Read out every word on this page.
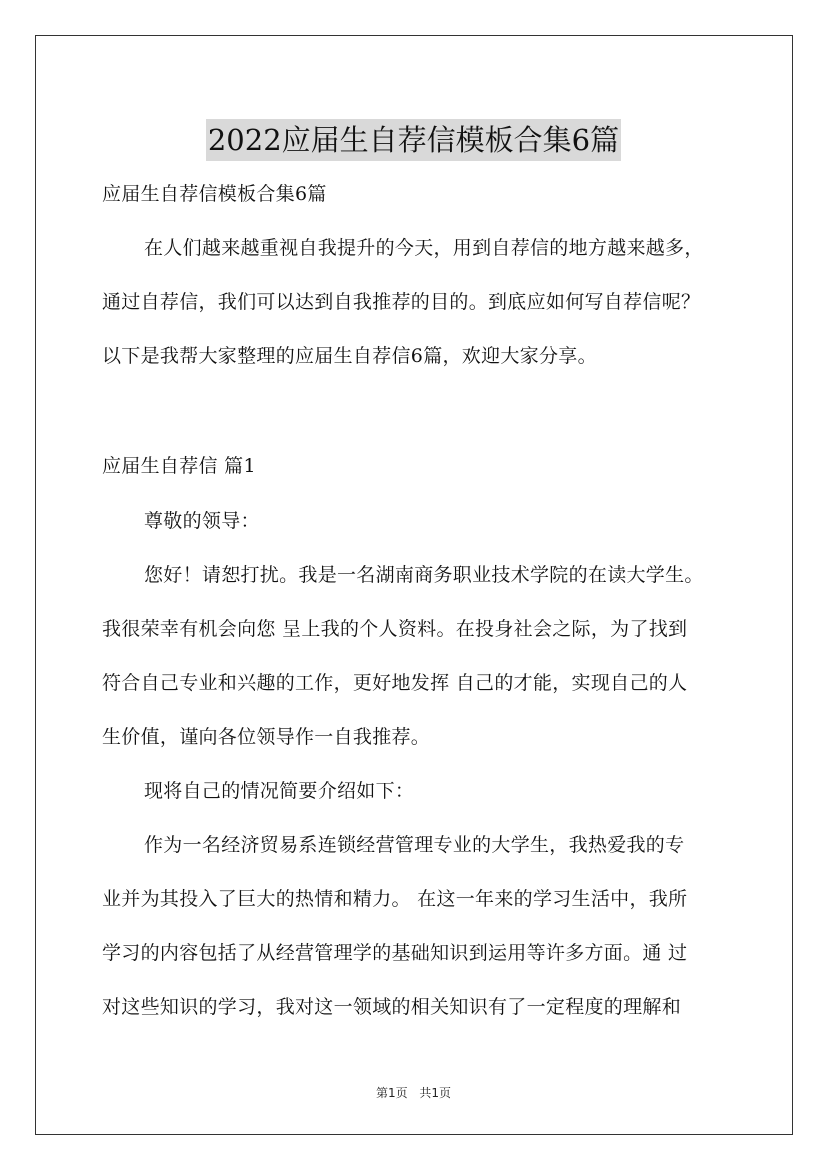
2022应届生自荐信模板合集6篇
应届生自荐信模板合集6篇
在人们越来越重视自我提升的今天，用到自荐信的地方越来越多，
通过自荐信，我们可以达到自我推荐的目的。到底应如何写自荐信呢？
以下是我帮大家整理的应届生自荐信6篇，欢迎大家分享。
应届生自荐信 篇1
尊敬的领导：
您好！请恕打扰。我是一名湖南商务职业技术学院的在读大学生。
我很荣幸有机会向您 呈上我的个人资料。在投身社会之际，为了找到
符合自己专业和兴趣的工作，更好地发挥 自己的才能，实现自己的人
生价值，谨向各位领导作一自我推荐。
现将自己的情况简要介绍如下：
作为一名经济贸易系连锁经营管理专业的大学生，我热爱我的专
业并为其投入了巨大的热情和精力。 在这一年来的学习生活中，我所
学习的内容包括了从经营管理学的基础知识到运用等许多方面。通 过
对这些知识的学习，我对这一领域的相关知识有了一定程度的理解和
第1页 共1页
